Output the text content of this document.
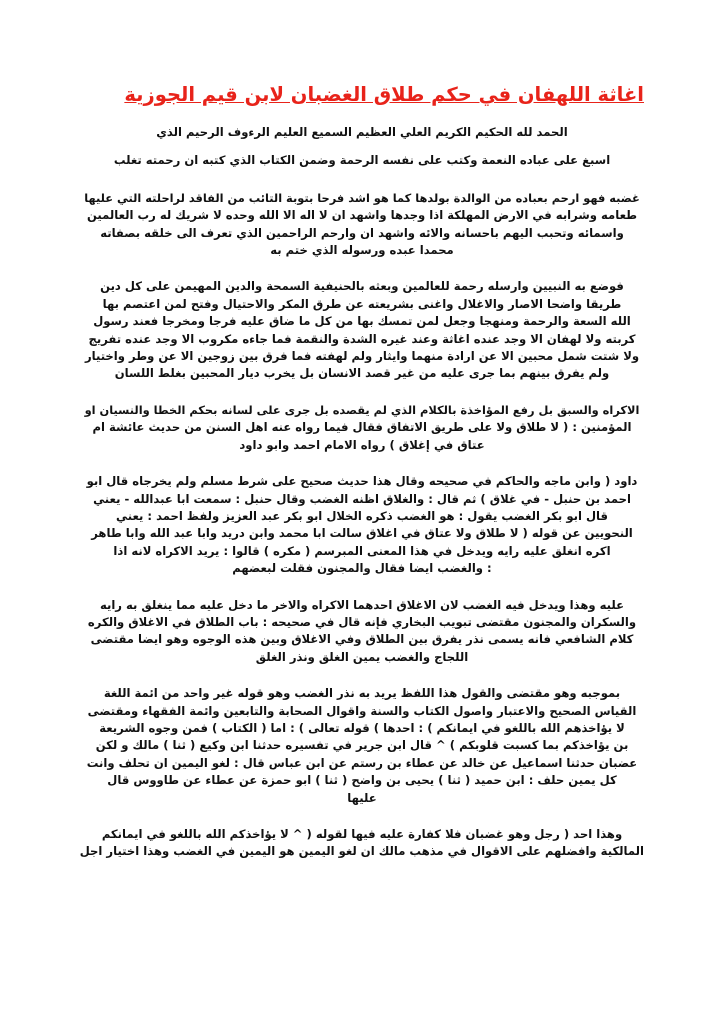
اغاثة اللهفان في حكم طلاق الغضبان لابن قيم الجوزية

الحمد لله الحكيم الكريم العلي العظيم السميع العليم الرءوف الرحيم الذي

اسبغ على عباده النعمة وكتب على نفسه الرحمة وضمن الكتاب الذي كتبه ان رحمته تغلب

غضبه فهو ارحم بعباده من الوالدة بولدها كما هو اشد فرحا بتوبة التائب من الفاقد لراحلته التي عليها
طعامه وشرابه في الارض المهلكة اذا وجدها واشهد ان لا اله الا الله وحده لا شريك له رب العالمين
واسمائه وتحبب اليهم باحسانه والائه واشهد ان وارحم الراحمين الذي تعرف الى خلقه بصفاته
محمدا عبده ورسوله الذي ختم به

فوضع به النبيين وارسله رحمة للعالمين وبعثه بالحنيفية السمحة والدين المهيمن على كل دين
طريقا واضحا الاصار والاغلال واغنى بشريعته عن طرق المكر والاحتيال وفتح لمن اعتصم بها
الله السعة والرحمة ومنهجا وجعل لمن تمسك بها من كل ما ضاق عليه فرجا ومخرجا فعند رسول
كربته ولا لهفان الا وجد عنده اغاثة وعند غيره الشدة والنقمة فما جاءه مكروب الا وجد عنده تفريج
ولا شتت شمل محبين الا عن ارادة منهما وايثار ولم لهفته فما فرق بين زوجين الا عن وطر واختيار
ولم يفرق بينهم بما جرى عليه من غير قصد الانسان بل يخرب ديار المحبين بغلط اللسان

الاكراه والسبق بل رفع المؤاخذة بالكلام الذي لم يقصده بل جرى على لسانه بحكم الخطا والنسيان او
المؤمنين : ( لا طلاق ولا على طريق الاتفاق فقال فيما رواه عنه اهل السنن من حديث عائشة ام
عتاق في إغلاق ) رواه الامام احمد وابو داود

داود ( وابن ماجه والحاكم في صحيحه وقال هذا حديث صحيح على شرط مسلم ولم يخرجاه قال ابو
احمد بن حنبل - في غلاق ) ثم قال : والغلاق اظنه الغضب وقال حنبل : سمعت ابا عبدالله - يعني
قال ابو بكر الغضب يقول : هو الغضب ذكره الخلال ابو بكر عبد العزيز ولفظ احمد : يعني
النحويين عن قوله ( لا طلاق ولا عتاق في اغلاق سالت ابا محمد وابن دريد وابا عبد الله وابا طاهر
اكره انغلق عليه رايه ويدخل في هذا المعنى المبرسم ( مكره ) قالوا : يريد الاكراه لانه اذا
: والغضب ايضا فقال والمجنون فقلت لبعضهم

عليه وهذا ويدخل فيه الغضب لان الاغلاق احدهما الاكراه والاخر ما دخل عليه مما ينغلق به رايه
والسكران والمجنون مقتضى تبويب البخاري فإنه قال في صحيحه : باب الطلاق في الاغلاق والكره
كلام الشافعي فانه يسمى نذر يفرق بين الطلاق وفي الاغلاق وبين هذه الوجوه وهو ايضا مقتضى
اللجاج والغضب يمين الغلق ونذر الغلق

بموجبه وهو مقتضى والقول هذا اللفظ يريد به نذر الغضب وهو قوله غير واحد من ائمة اللغة
القياس الصحيح والاعتبار واصول الكتاب والسنة واقوال الصحابة والتابعين وائمة الفقهاء ومقتضى
لا يؤاخذهم الله باللغو في ايمانكم ) : احدها ) قوله تعالى ) : اما ( الكتاب ) فمن وجوه الشريعة
بن يؤاخذكم بما كسبت قلوبكم ) ^ قال ابن جرير في تفسيره حدثنا ابن وكيع ( ثنا ) مالك و لكن
عضبان حدثنا اسماعيل عن خالد عن عطاء بن رستم عن ابن عباس قال : لغو اليمين ان تحلف وانت
كل يمين حلف : ابن حميد ( ثنا ) يحيى بن واضح ( ثنا ) ابو حمزة عن عطاء عن طاووس قال
عليها

وهذا احد ( رجل وهو غضبان فلا كفارة عليه فيها لقوله ( ^ لا يؤاخذكم الله باللغو في ايمانكم
المالكية وافضلهم على الاقوال في مذهب مالك ان لغو اليمين هو اليمين في الغضب وهذا اختيار اجل
